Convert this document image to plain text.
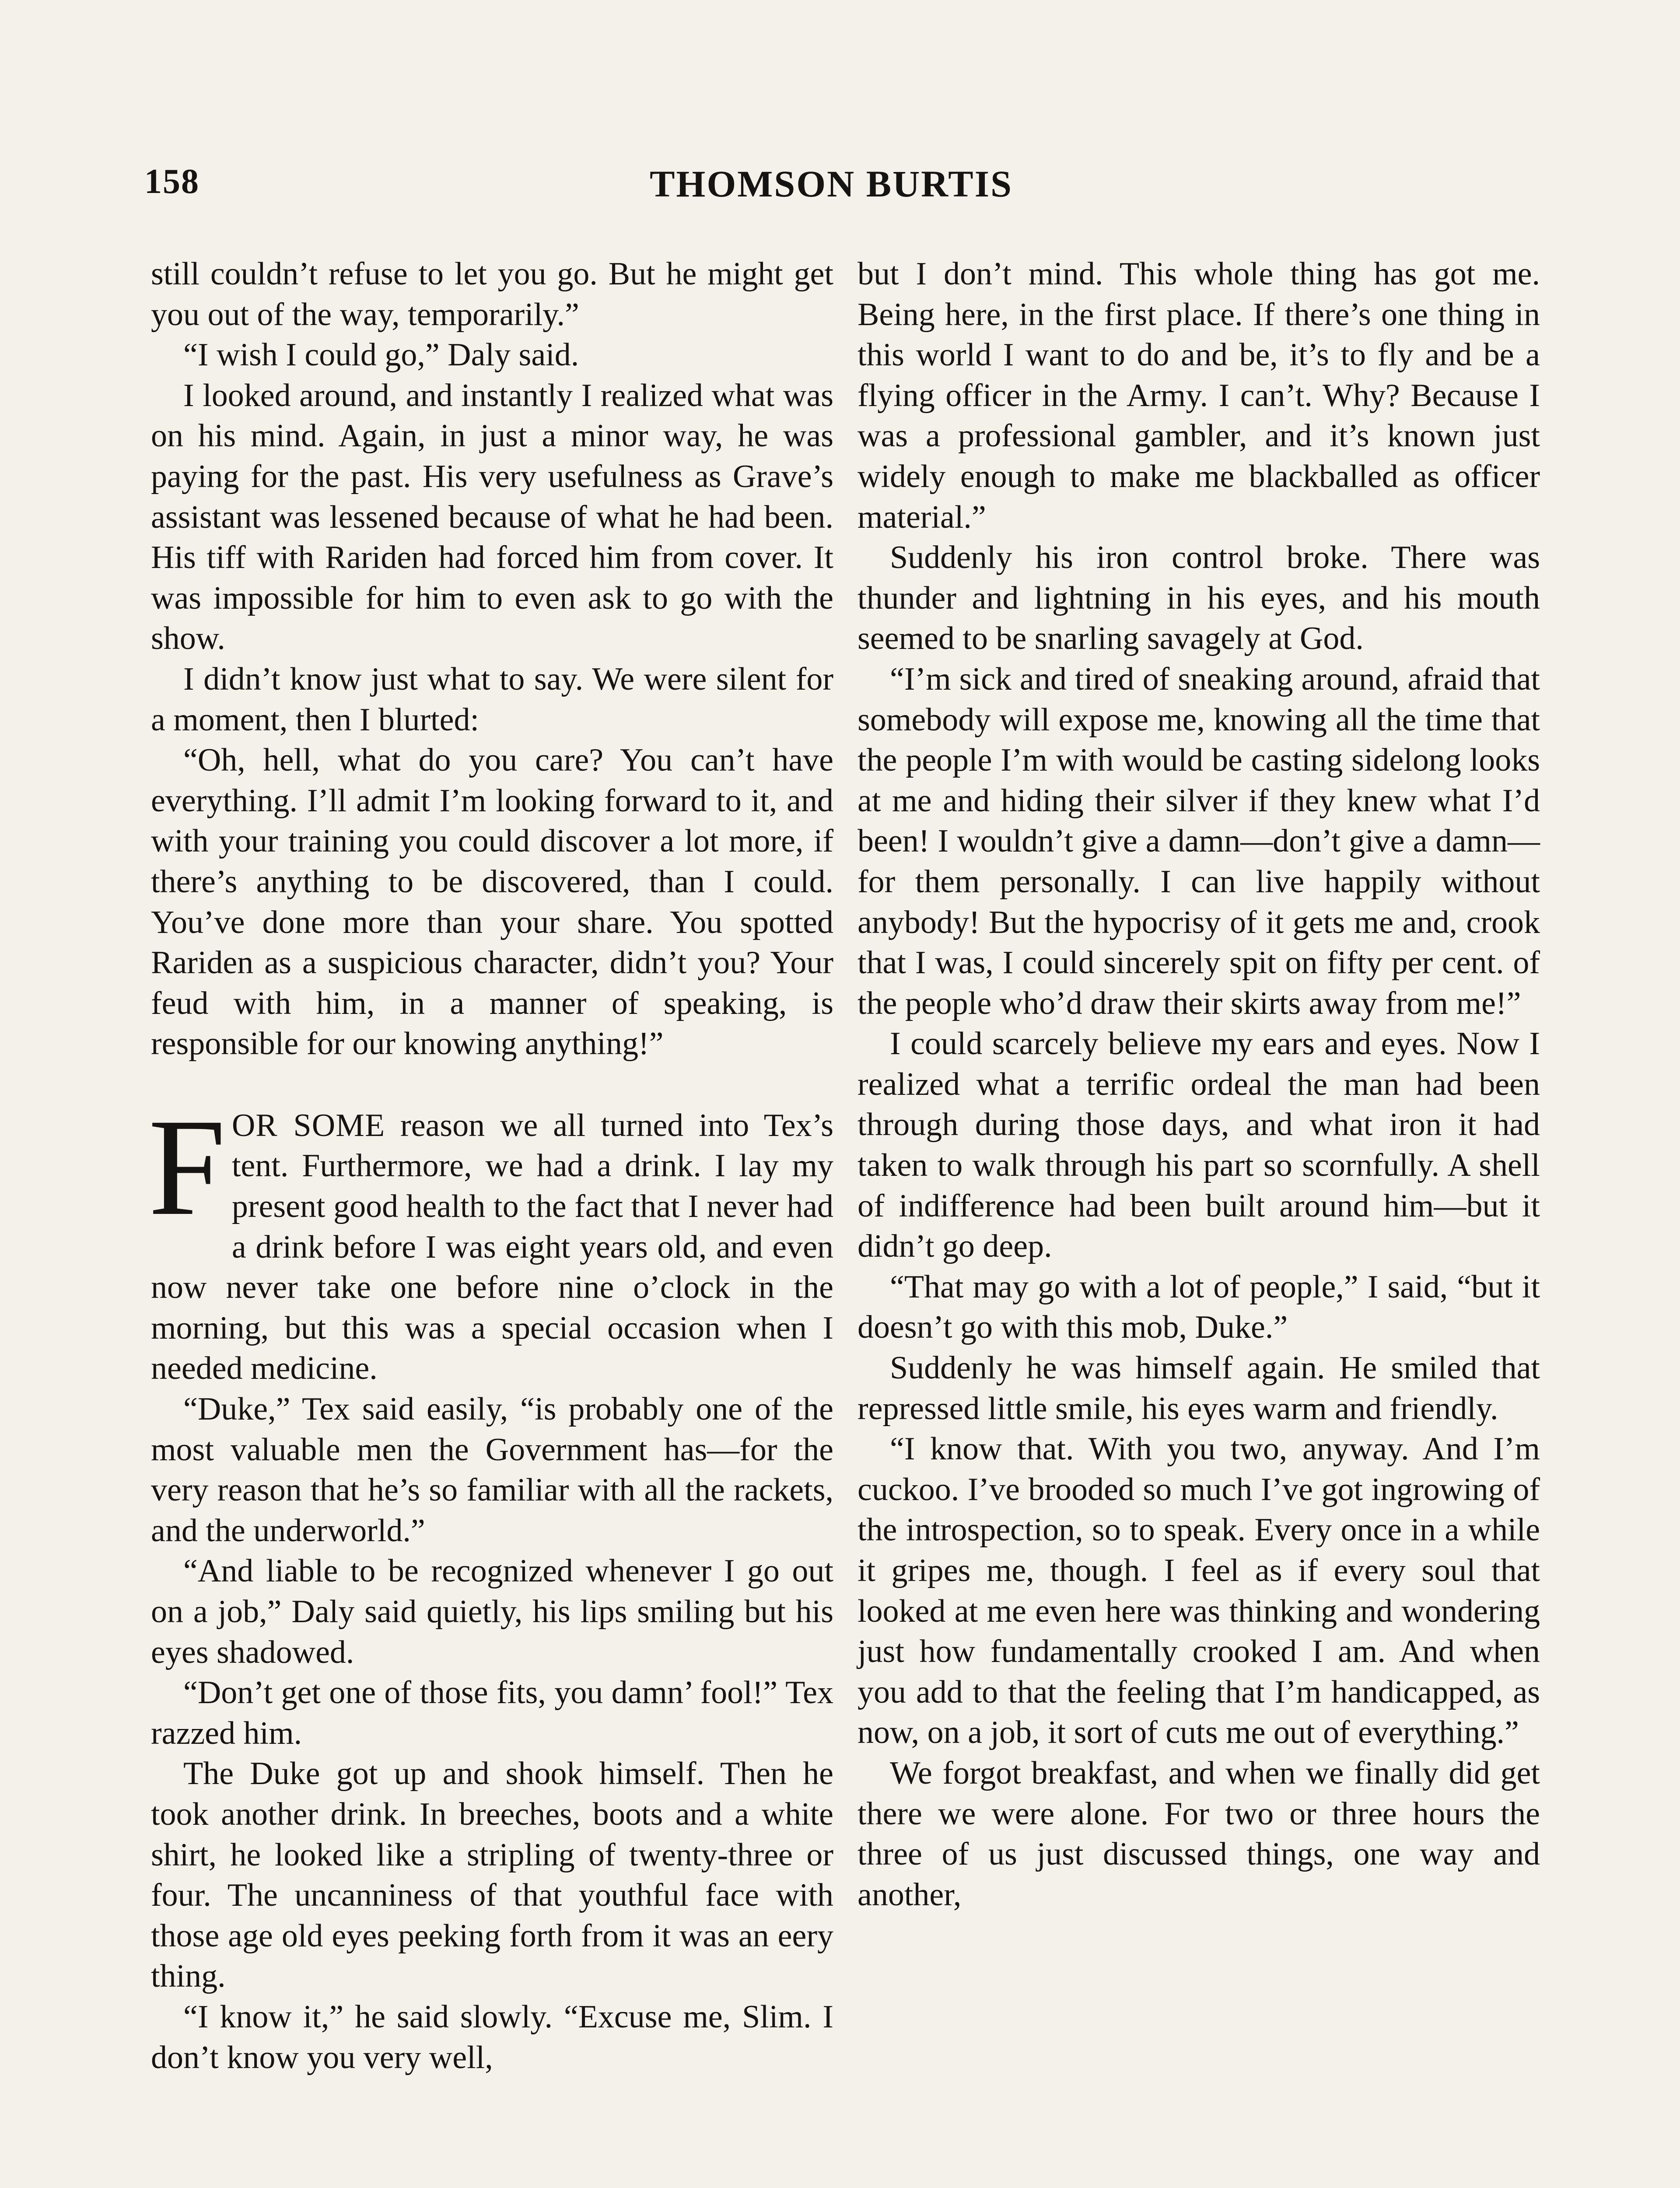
158	THOMSON BURTIS

still couldn’t refuse to let you go. But he might get you out of the way, temporarily.”

“I wish I could go,” Daly said.

I looked around, and instantly I realized what was on his mind. Again, in just a minor way, he was paying for the past. His very usefulness as Grave’s assistant was lessened because of what he had been. His tiff with Rariden had forced him from cover. It was impossible for him to even ask to go with the show.

I didn’t know just what to say. We were silent for a moment, then I blurted:

“Oh, hell, what do you care? You can’t have everything. I’ll admit I’m looking forward to it, and with your training you could discover a lot more, if there’s anything to be discovered, than I could. You’ve done more than your share. You spotted Rariden as a suspicious character, didn’t you? Your feud with him, in a manner of speaking, is responsible for our knowing anything!”

FOR SOME reason we all turned into Tex’s tent. Furthermore, we had a drink. I lay my present good health to the fact that I never had a drink before I was eight years old, and even now never take one before nine o’clock in the morning, but this was a special occasion when I needed medicine.

“Duke,” Tex said easily, “is probably one of the most valuable men the Government has—for the very reason that he’s so familiar with all the rackets, and the underworld.”

“And liable to be recognized whenever I go out on a job,” Daly said quietly, his lips smiling but his eyes shadowed.

“Don’t get one of those fits, you damn’ fool!” Tex razzed him.

The Duke got up and shook himself. Then he took another drink. In breeches, boots and a white shirt, he looked like a stripling of twenty-three or four. The uncanniness of that youthful face with those age old eyes peeking forth from it was an eery thing.

“I know it,” he said slowly. “Excuse me, Slim. I don’t know you very well,

but I don’t mind. This whole thing has got me. Being here, in the first place. If there’s one thing in this world I want to do and be, it’s to fly and be a flying officer in the Army. I can’t. Why? Because I was a professional gambler, and it’s known just widely enough to make me blackballed as officer material.”

Suddenly his iron control broke. There was thunder and lightning in his eyes, and his mouth seemed to be snarling savagely at God.

“I’m sick and tired of sneaking around, afraid that somebody will expose me, knowing all the time that the people I’m with would be casting sidelong looks at me and hiding their silver if they knew what I’d been! I wouldn’t give a damn—don’t give a damn—for them personally. I can live happily without anybody! But the hypocrisy of it gets me and, crook that I was, I could sincerely spit on fifty per cent. of the people who’d draw their skirts away from me!”

I could scarcely believe my ears and eyes. Now I realized what a terrific ordeal the man had been through during those days, and what iron it had taken to walk through his part so scornfully. A shell of indifference had been built around him—but it didn’t go deep.

“That may go with a lot of people,” I said, “but it doesn’t go with this mob, Duke.”

Suddenly he was himself again. He smiled that repressed little smile, his eyes warm and friendly.

“I know that. With you two, anyway. And I’m cuckoo. I’ve brooded so much I’ve got ingrowing of the introspection, so to speak. Every once in a while it gripes me, though. I feel as if every soul that looked at me even here was thinking and wondering just how fundamentally crooked I am. And when you add to that the feeling that I’m handicapped, as now, on a job, it sort of cuts me out of everything.”

We forgot breakfast, and when we finally did get there we were alone. For two or three hours the three of us just discussed things, one way and another,
